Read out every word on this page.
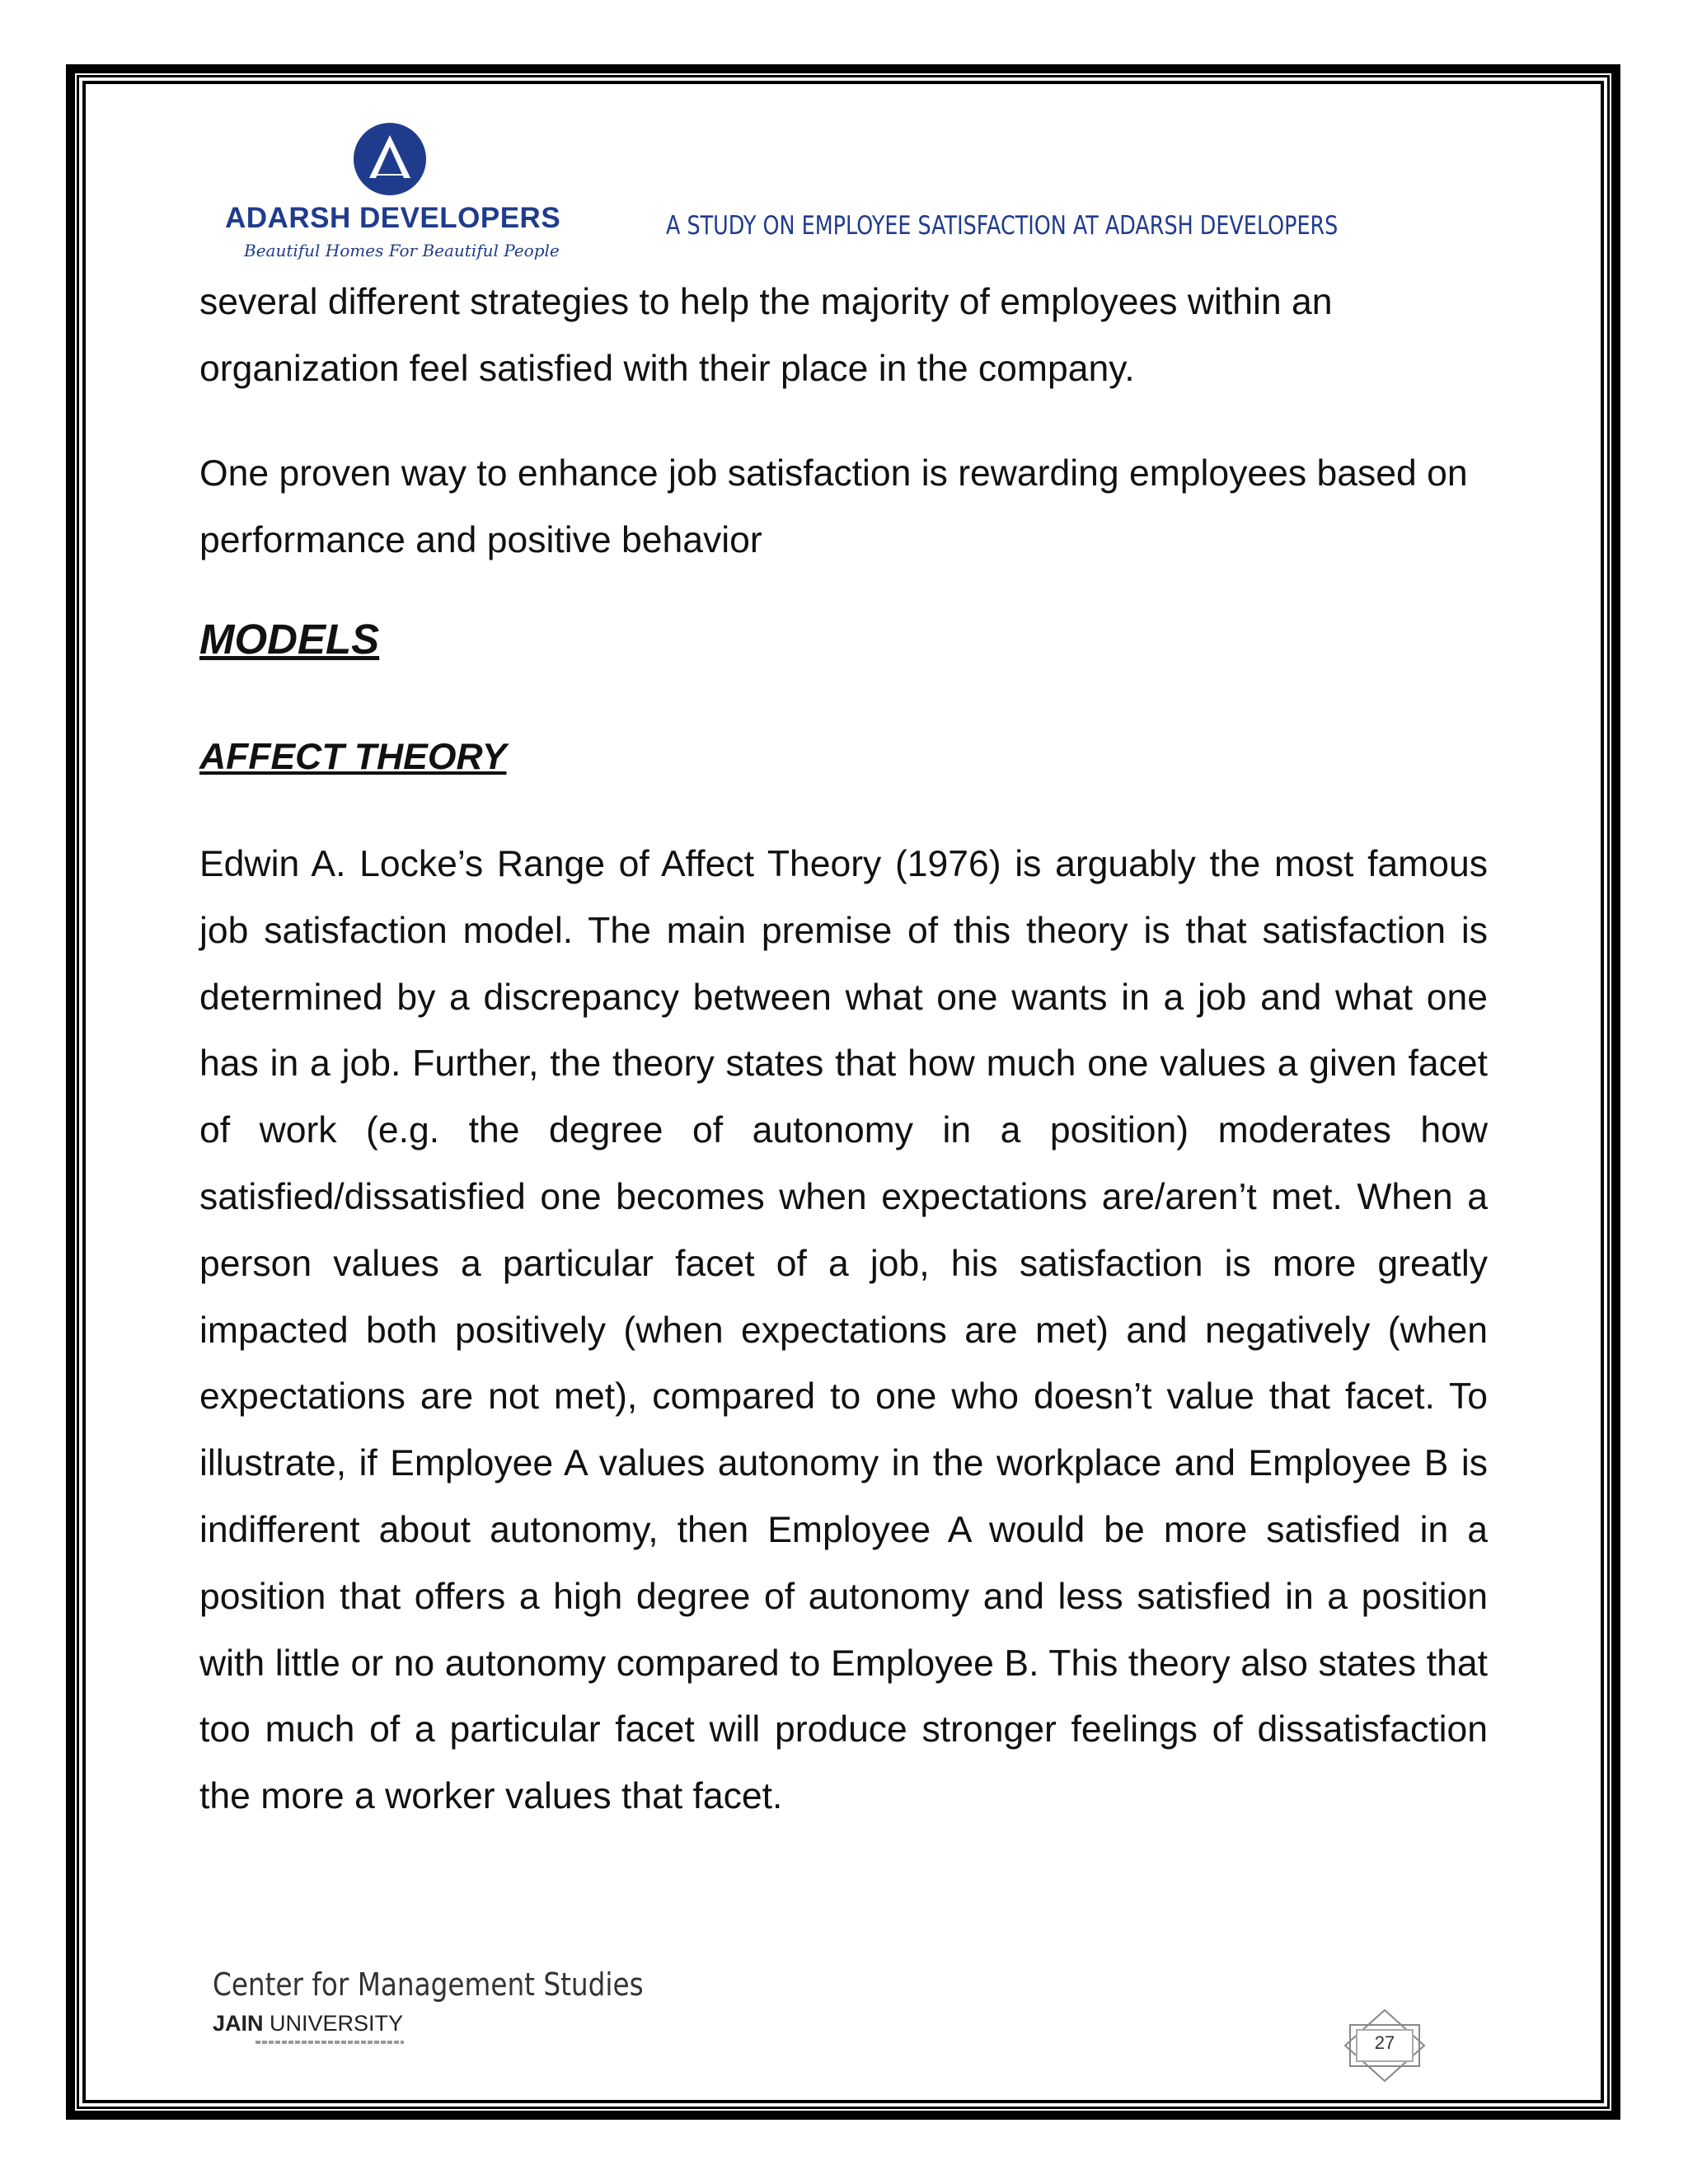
ADARSH DEVELOPERS
Beautiful Homes For Beautiful People
A STUDY ON EMPLOYEE SATISFACTION AT ADARSH DEVELOPERS

several different strategies to help the majority of employees within an organization feel satisfied with their place in the company.

One proven way to enhance job satisfaction is rewarding employees based on performance and positive behavior

MODELS
AFFECT THEORY

Edwin A. Locke’s Range of Affect Theory (1976) is arguably the most famous job satisfaction model. The main premise of this theory is that satisfaction is determined by a discrepancy between what one wants in a job and what one has in a job. Further, the theory states that how much one values a given facet of work (e.g. the degree of autonomy in a position) moderates how satisfied/dissatisfied one becomes when expectations are/aren’t met. When a person values a particular facet of a job, his satisfaction is more greatly impacted both positively (when expectations are met) and negatively (when expectations are not met), compared to one who doesn’t value that facet. To illustrate, if Employee A values autonomy in the workplace and Employee B is indifferent about autonomy, then Employee A would be more satisfied in a position that offers a high degree of autonomy and less satisfied in a position with little or no autonomy compared to Employee B. This theory also states that too much of a particular facet will produce stronger feelings of dissatisfaction the more a worker values that facet.

Center for Management Studies
JAIN UNIVERSITY
27
